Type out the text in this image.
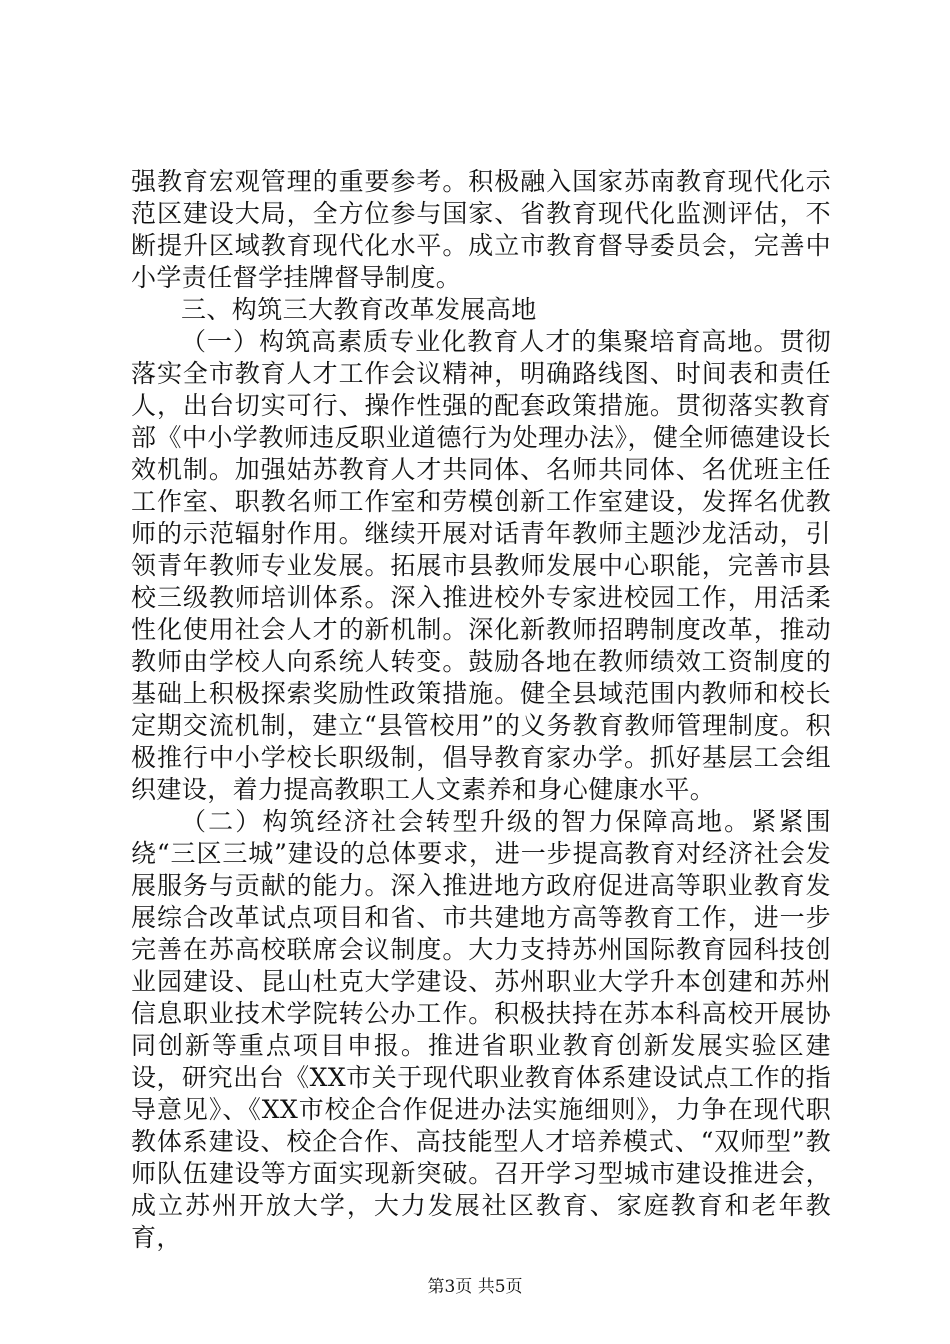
强教育宏观管理的重要参考。积极融入国家苏南教育现代化示范区建设大局，全方位参与国家、省教育现代化监测评估，不断提升区域教育现代化水平。成立市教育督导委员会，完善中小学责任督学挂牌督导制度。

三、构筑三大教育改革发展高地

（一）构筑高素质专业化教育人才的集聚培育高地。贯彻落实全市教育人才工作会议精神，明确路线图、时间表和责任人，出台切实可行、操作性强的配套政策措施。贯彻落实教育部《中小学教师违反职业道德行为处理办法》，健全师德建设长效机制。加强姑苏教育人才共同体、名师共同体、名优班主任工作室、职教名师工作室和劳模创新工作室建设，发挥名优教师的示范辐射作用。继续开展对话青年教师主题沙龙活动，引领青年教师专业发展。拓展市县教师发展中心职能，完善市县校三级教师培训体系。深入推进校外专家进校园工作，用活柔性化使用社会人才的新机制。深化新教师招聘制度改革，推动教师由学校人向系统人转变。鼓励各地在教师绩效工资制度的基础上积极探索奖励性政策措施。健全县域范围内教师和校长定期交流机制，建立“县管校用”的义务教育教师管理制度。积极推行中小学校长职级制，倡导教育家办学。抓好基层工会组织建设，着力提高教职工人文素养和身心健康水平。

（二）构筑经济社会转型升级的智力保障高地。紧紧围绕“三区三城”建设的总体要求，进一步提高教育对经济社会发展服务与贡献的能力。深入推进地方政府促进高等职业教育发展综合改革试点项目和省、市共建地方高等教育工作，进一步完善在苏高校联席会议制度。大力支持苏州国际教育园科技创业园建设、昆山杜克大学建设、苏州职业大学升本创建和苏州信息职业技术学院转公办工作。积极扶持在苏本科高校开展协同创新等重点项目申报。推进省职业教育创新发展实验区建设，研究出台《XX市关于现代职业教育体系建设试点工作的指导意见》、《XX市校企合作促进办法实施细则》，力争在现代职教体系建设、校企合作、高技能型人才培养模式、“双师型”教师队伍建设等方面实现新突破。召开学习型城市建设推进会，成立苏州开放大学，大力发展社区教育、家庭教育和老年教育，

第3页 共5页
